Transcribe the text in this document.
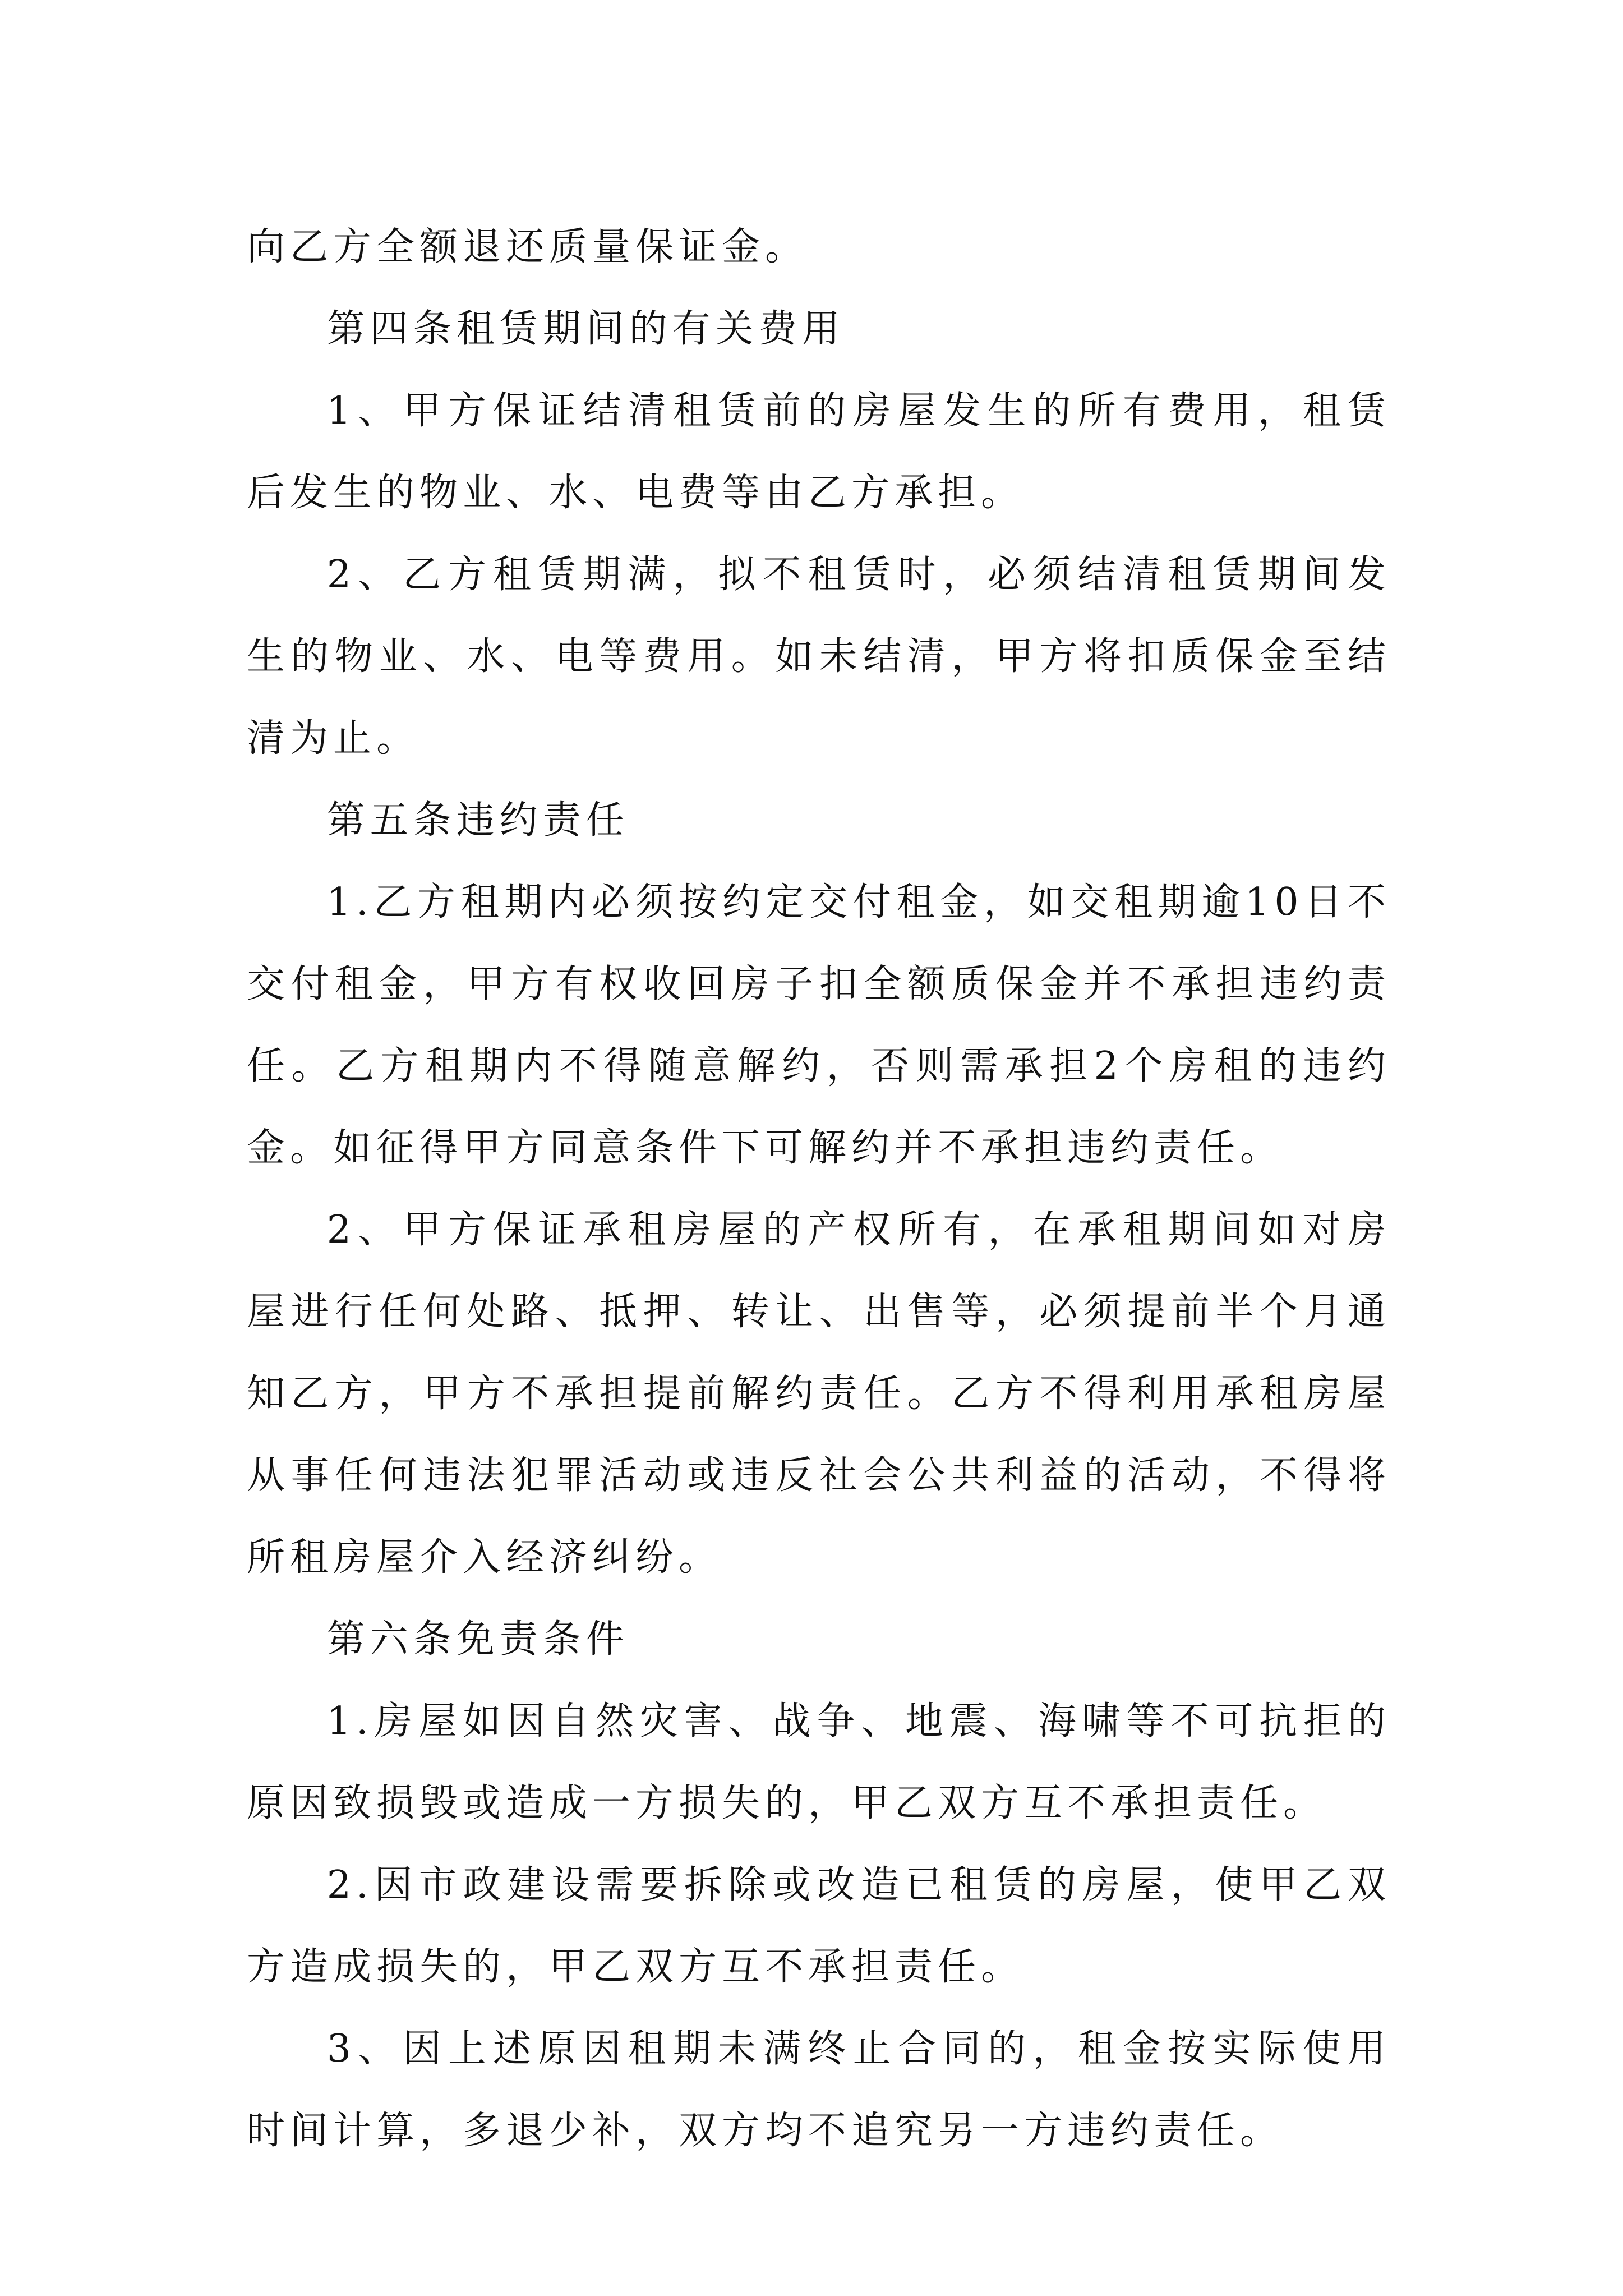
向乙方全额退还质量保证金。

第四条租赁期间的有关费用

1、甲方保证结清租赁前的房屋发生的所有费用，租赁后发生的物业、水、电费等由乙方承担。

2、乙方租赁期满，拟不租赁时，必须结清租赁期间发生的物业、水、电等费用。如未结清，甲方将扣质保金至结清为止。

第五条违约责任

1.乙方租期内必须按约定交付租金，如交租期逾10日不交付租金，甲方有权收回房子扣全额质保金并不承担违约责任。乙方租期内不得随意解约，否则需承担2个房租的违约金。如征得甲方同意条件下可解约并不承担违约责任。

2、甲方保证承租房屋的产权所有，在承租期间如对房屋进行任何处路、抵押、转让、出售等，必须提前半个月通知乙方，甲方不承担提前解约责任。乙方不得利用承租房屋从事任何违法犯罪活动或违反社会公共利益的活动，不得将所租房屋介入经济纠纷。

第六条免责条件

1.房屋如因自然灾害、战争、地震、海啸等不可抗拒的原因致损毁或造成一方损失的，甲乙双方互不承担责任。

2.因市政建设需要拆除或改造已租赁的房屋，使甲乙双方造成损失的，甲乙双方互不承担责任。

3、因上述原因租期未满终止合同的，租金按实际使用时间计算，多退少补，双方均不追究另一方违约责任。
